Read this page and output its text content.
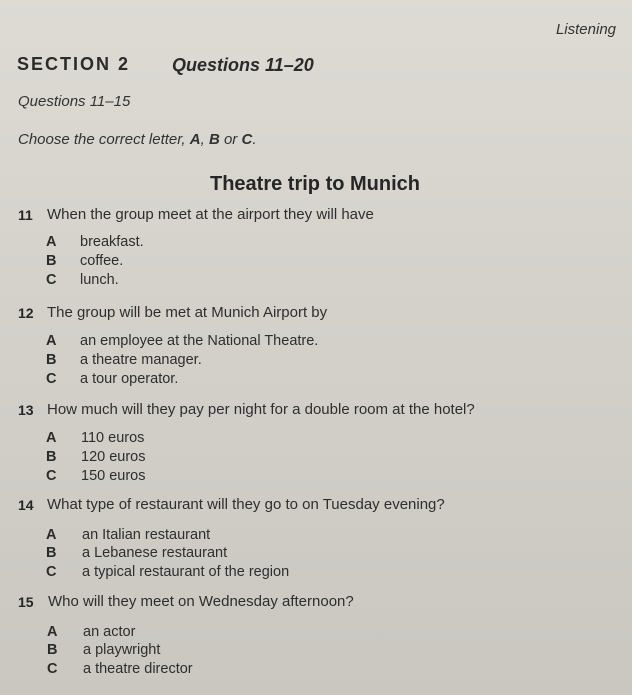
Listening
SECTION 2 Questions 11–20
Questions 11–15
Choose the correct letter, A, B or C.
Theatre trip to Munich
11 When the group meet at the airport they will have
A breakfast.
B coffee.
C lunch.
12 The group will be met at Munich Airport by
A an employee at the National Theatre.
B a theatre manager.
C a tour operator.
13 How much will they pay per night for a double room at the hotel?
A 110 euros
B 120 euros
C 150 euros
14 What type of restaurant will they go to on Tuesday evening?
A an Italian restaurant
B a Lebanese restaurant
C a typical restaurant of the region
15 Who will they meet on Wednesday afternoon?
A an actor
B a playwright
C a theatre director
